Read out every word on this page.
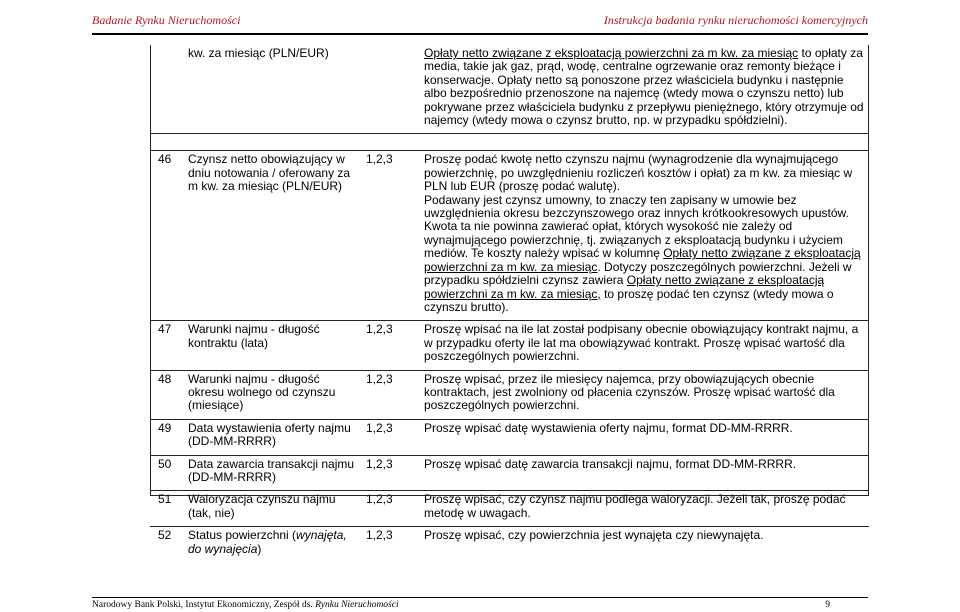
Badanie Rynku Nieruchomości	Instrukcja badania rynku nieruchomości komercyjnych
	kw. za miesiąc (PLN/EUR)		Opłaty netto związane z eksploatacją powierzchni za m kw. za miesiąc to opłaty za media, takie jak gaz, prąd, wodę, centralne ogrzewanie oraz remonty bieżące i konserwacje. Opłaty netto są ponoszone przez właściciela budynku i następnie albo bezpośrednio przenoszone na najemcę (wtedy mowa o czynszu netto) lub pokrywane przez właściciela budynku z przepływu pieniężnego, który otrzymuje od najemcy (wtedy mowa o czynsz brutto, np. w przypadku spółdzielni).

46	Czynsz netto obowiązujący w dniu notowania / oferowany za m kw. za miesiąc (PLN/EUR)	1,2,3	Proszę podać kwotę netto czynszu najmu (wynagrodzenie dla wynajmującego powierzchnię, po uwzględnieniu rozliczeń kosztów i opłat) za m kw. za miesiąc w PLN lub EUR (proszę podać walutę).
Podawany jest czynsz umowny, to znaczy ten zapisany w umowie bez uwzględnienia okresu bezczynszowego oraz innych krótkookresowych upustów. Kwota ta nie powinna zawierać opłat, których wysokość nie zależy od wynajmującego powierzchnię, tj. związanych z eksploatacją budynku i użyciem mediów. Te koszty należy wpisać w kolumnę Opłaty netto związane z eksploatacją powierzchni za m kw. za miesiąc. Dotyczy poszczególnych powierzchni. Jeżeli w przypadku spółdzielni czynsz zawiera Opłaty netto związane z eksploatacją powierzchni za m kw. za miesiąc, to proszę podać ten czynsz (wtedy mowa o czynszu brutto).
47	Warunki najmu - długość kontraktu (lata)	1,2,3	Proszę wpisać na ile lat został podpisany obecnie obowiązujący kontrakt najmu, a w przypadku oferty ile lat ma obowiązywać kontrakt. Proszę wpisać wartość dla poszczególnych powierzchni.
48	Warunki najmu - długość okresu wolnego od czynszu (miesiące)	1,2,3	Proszę wpisać, przez ile miesięcy najemca, przy obowiązujących obecnie kontraktach, jest zwolniony od płacenia czynszów. Proszę wpisać wartość dla poszczególnych powierzchni.
49	Data wystawienia oferty najmu (DD-MM-RRRR)	1,2,3	Proszę wpisać datę wystawienia oferty najmu, format DD-MM-RRRR.
50	Data zawarcia transakcji najmu (DD-MM-RRRR)	1,2,3	Proszę wpisać datę zawarcia transakcji najmu, format DD-MM-RRRR.
51	Waloryzacja czynszu najmu (tak, nie)	1,2,3	Proszę wpisać, czy czynsz najmu podlega waloryzacji. Jeżeli tak, proszę podać metodę w uwagach.
52	Status powierzchni (wynajęta, do wynajęcia)	1,2,3	Proszę wpisać, czy powierzchnia jest wynajęta czy niewynajęta.
Narodowy Bank Polski, Instytut Ekonomiczny, Zespół ds. Rynku Nieruchomości	9
